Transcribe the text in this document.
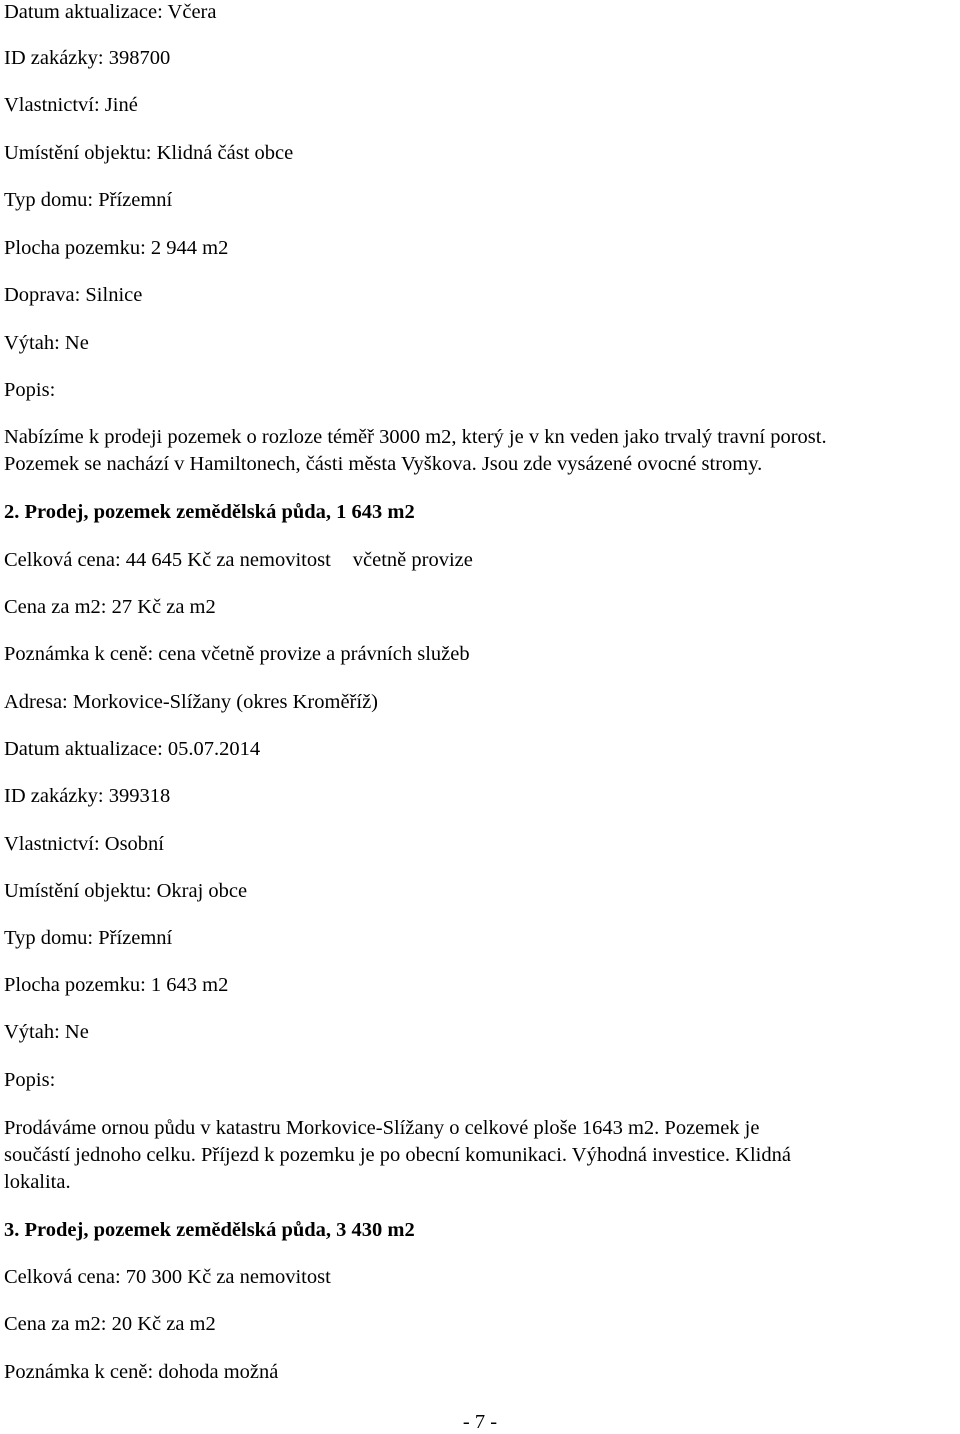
Datum aktualizace: Včera
ID zakázky: 398700
Vlastnictví: Jiné
Umístění objektu: Klidná část obce
Typ domu: Přízemní
Plocha pozemku: 2 944 m2
Doprava: Silnice
Výtah: Ne
Popis:
Nabízíme k prodeji pozemek o rozloze téměř 3000 m2, který je v kn veden jako trvalý travní porost.
Pozemek se nachází v Hamiltonech, části města Vyškova. Jsou zde vysázené ovocné stromy.
2. Prodej, pozemek zemědělská půda, 1 643 m2
Celková cena: 44 645 Kč za nemovitost včetně provize
Cena za m2: 27 Kč za m2
Poznámka k ceně: cena včetně provize a právních služeb
Adresa: Morkovice-Slížany (okres Kroměříž)
Datum aktualizace: 05.07.2014
ID zakázky: 399318
Vlastnictví: Osobní
Umístění objektu: Okraj obce
Typ domu: Přízemní
Plocha pozemku: 1 643 m2
Výtah: Ne
Popis:
Prodáváme ornou půdu v katastru Morkovice-Slížany o celkové ploše 1643 m2. Pozemek je
součástí jednoho celku. Příjezd k pozemku je po obecní komunikaci. Výhodná investice. Klidná
lokalita.
3. Prodej, pozemek zemědělská půda, 3 430 m2
Celková cena: 70 300 Kč za nemovitost
Cena za m2: 20 Kč za m2
Poznámka k ceně: dohoda možná
- 7 -
